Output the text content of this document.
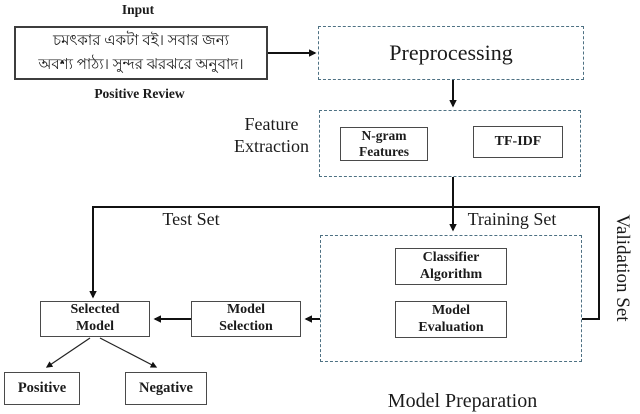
Input
চমৎকার একটা বই। সবার জন্য
অবশ্য পাঠ্য। সুন্দর ঝরঝরে অনুবাদ।
Positive Review
Preprocessing
Feature
Extraction
N-gram
Features
TF-IDF
Test Set	Training Set	Validation Set
Classifier
Algorithm
Model
Evaluation
Model
Selection
Selected
Model
Positive	Negative
Model Preparation
